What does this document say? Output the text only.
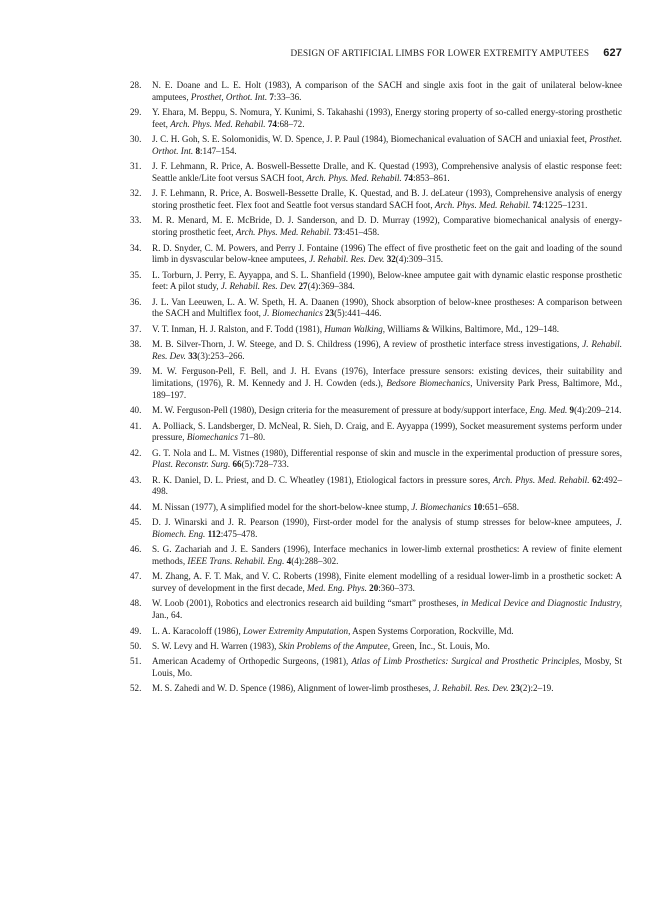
DESIGN OF ARTIFICIAL LIMBS FOR LOWER EXTREMITY AMPUTEES 627
28.	N. E. Doane and L. E. Holt (1983), A comparison of the SACH and single axis foot in the gait of unilateral below-knee amputees, Prosthet, Orthot. Int. 7:33–36.
29.	Y. Ehara, M. Beppu, S. Nomura, Y. Kunimi, S. Takahashi (1993), Energy storing property of so-called energy-storing prosthetic feet, Arch. Phys. Med. Rehabil. 74:68–72.
30.	J. C. H. Goh, S. E. Solomonidis, W. D. Spence, J. P. Paul (1984), Biomechanical evaluation of SACH and uniaxial feet, Prosthet. Orthot. Int. 8:147–154.
31.	J. F. Lehmann, R. Price, A. Boswell-Bessette Dralle, and K. Questad (1993), Comprehensive analysis of elastic response feet: Seattle ankle/Lite foot versus SACH foot, Arch. Phys. Med. Rehabil. 74:853–861.
32.	J. F. Lehmann, R. Price, A. Boswell-Bessette Dralle, K. Questad, and B. J. deLateur (1993), Comprehensive analysis of energy storing prosthetic feet. Flex foot and Seattle foot versus standard SACH foot, Arch. Phys. Med. Rehabil. 74:1225–1231.
33.	M. R. Menard, M. E. McBride, D. J. Sanderson, and D. D. Murray (1992), Comparative biomechanical analysis of energy-storing prosthetic feet, Arch. Phys. Med. Rehabil. 73:451–458.
34.	R. D. Snyder, C. M. Powers, and Perry J. Fontaine (1996) The effect of five prosthetic feet on the gait and loading of the sound limb in dysvascular below-knee amputees, J. Rehabil. Res. Dev. 32(4):309–315.
35.	L. Torburn, J. Perry, E. Ayyappa, and S. L. Shanfield (1990), Below-knee amputee gait with dynamic elastic response prosthetic feet: A pilot study, J. Rehabil. Res. Dev. 27(4):369–384.
36.	J. L. Van Leeuwen, L. A. W. Speth, H. A. Daanen (1990), Shock absorption of below-knee prostheses: A comparison between the SACH and Multiflex foot, J. Biomechanics 23(5):441–446.
37.	V. T. Inman, H. J. Ralston, and F. Todd (1981), Human Walking, Williams & Wilkins, Baltimore, Md., 129–148.
38.	M. B. Silver-Thorn, J. W. Steege, and D. S. Childress (1996), A review of prosthetic interface stress investigations, J. Rehabil. Res. Dev. 33(3):253–266.
39.	M. W. Ferguson-Pell, F. Bell, and J. H. Evans (1976), Interface pressure sensors: existing devices, their suitability and limitations, (1976), R. M. Kennedy and J. H. Cowden (eds.), Bedsore Biomechanics, University Park Press, Baltimore, Md., 189–197.
40.	M. W. Ferguson-Pell (1980), Design criteria for the measurement of pressure at body/support interface, Eng. Med. 9(4):209–214.
41.	A. Polliack, S. Landsberger, D. McNeal, R. Sieh, D. Craig, and E. Ayyappa (1999), Socket measurement systems perform under pressure, Biomechanics 71–80.
42.	G. T. Nola and L. M. Vistnes (1980), Differential response of skin and muscle in the experimental production of pressure sores, Plast. Reconstr. Surg. 66(5):728–733.
43.	R. K. Daniel, D. L. Priest, and D. C. Wheatley (1981), Etiological factors in pressure sores, Arch. Phys. Med. Rehabil. 62:492–498.
44.	M. Nissan (1977), A simplified model for the short-below-knee stump, J. Biomechanics 10:651–658.
45.	D. J. Winarski and J. R. Pearson (1990), First-order model for the analysis of stump stresses for below-knee amputees, J. Biomech. Eng. 112:475–478.
46.	S. G. Zachariah and J. E. Sanders (1996), Interface mechanics in lower-limb external prosthetics: A review of finite element methods, IEEE Trans. Rehabil. Eng. 4(4):288–302.
47.	M. Zhang, A. F. T. Mak, and V. C. Roberts (1998), Finite element modelling of a residual lower-limb in a prosthetic socket: A survey of development in the first decade, Med. Eng. Phys. 20:360–373.
48.	W. Loob (2001), Robotics and electronics research aid building “smart” prostheses, in Medical Device and Diagnostic Industry, Jan., 64.
49.	L. A. Karacoloff (1986), Lower Extremity Amputation, Aspen Systems Corporation, Rockville, Md.
50.	S. W. Levy and H. Warren (1983), Skin Problems of the Amputee, Green, Inc., St. Louis, Mo.
51.	American Academy of Orthopedic Surgeons, (1981), Atlas of Limb Prosthetics: Surgical and Prosthetic Principles, Mosby, St Louis, Mo.
52.	M. S. Zahedi and W. D. Spence (1986), Alignment of lower-limb prostheses, J. Rehabil. Res. Dev. 23(2):2–19.
